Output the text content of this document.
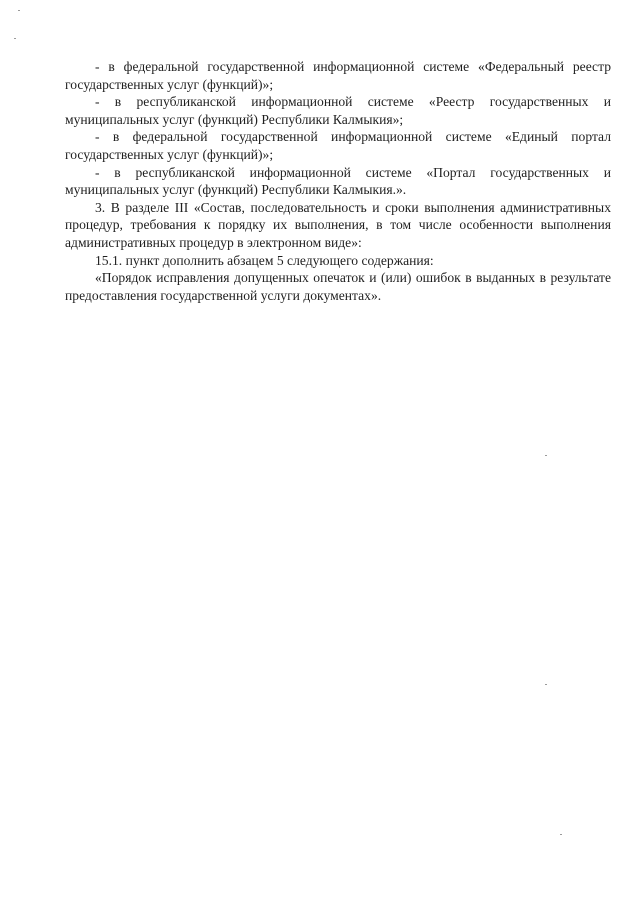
- в федеральной государственной информационной системе «Федеральный реестр государственных услуг (функций)»;

- в республиканской информационной системе «Реестр государственных и муниципальных услуг (функций) Республики Калмыкия»;

- в федеральной государственной информационной системе «Единый портал государственных услуг (функций)»;

- в республиканской информационной системе «Портал государственных и муниципальных услуг (функций) Республики Калмыкия.».

3. В разделе III «Состав, последовательность и сроки выполнения административных процедур, требования к порядку их выполнения, в том числе особенности выполнения административных процедур в электронном виде»:

15.1. пункт дополнить абзацем 5 следующего содержания:

«Порядок исправления допущенных опечаток и (или) ошибок в выданных в результате предоставления государственной услуги документах».
